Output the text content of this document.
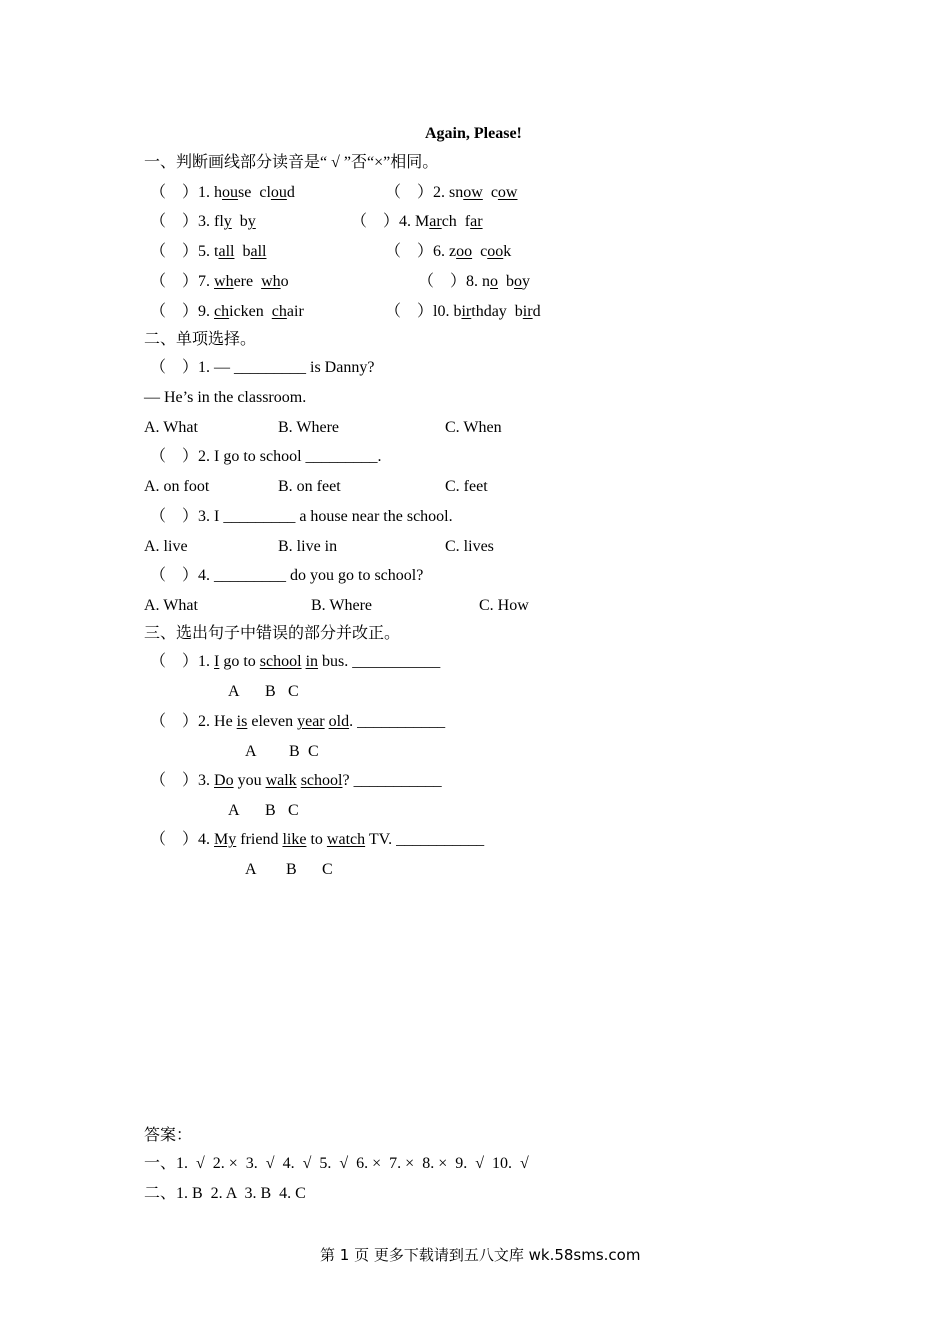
Again, Please!
一、判断画线部分读音是“ √ ”否“×”相同。
（　）1. house  cloud	（　）2. snow  cow
（　）3. fly  by	（　）4. March  far
（　）5. tall  ball	（　）6. zoo  cook
（　）7. where  who	（　）8. no  boy
（　）9. chicken  chair	（　）l0. birthday  bird
二、单项选择。
（　）1. — _________ is Danny?
— He’s in the classroom.
A. What	B. Where	C. When
（　）2. I go to school _________.
A. on foot	B. on feet	C. feet
（　）3. I _________ a house near the school.
A. live	B. live in	C. lives
（　）4. _________ do you go to school?
A. What	B. Where	C. How
三、选出句子中错误的部分并改正。
（　）1. I go to school in bus. ___________
A B C
（　）2. He is eleven year old. ___________
A B C
（　）3. Do you walk school? ___________
A B C
（　）4. My friend like to watch TV. ___________
A B C
答案：
一、1.  √  2. ×  3.  √  4.  √  5.  √  6. ×  7. ×  8. ×  9.  √  10.  √
二、1. B  2. A  3. B  4. C
第 1 页 更多下载请到五八文库 wk.58sms.com
